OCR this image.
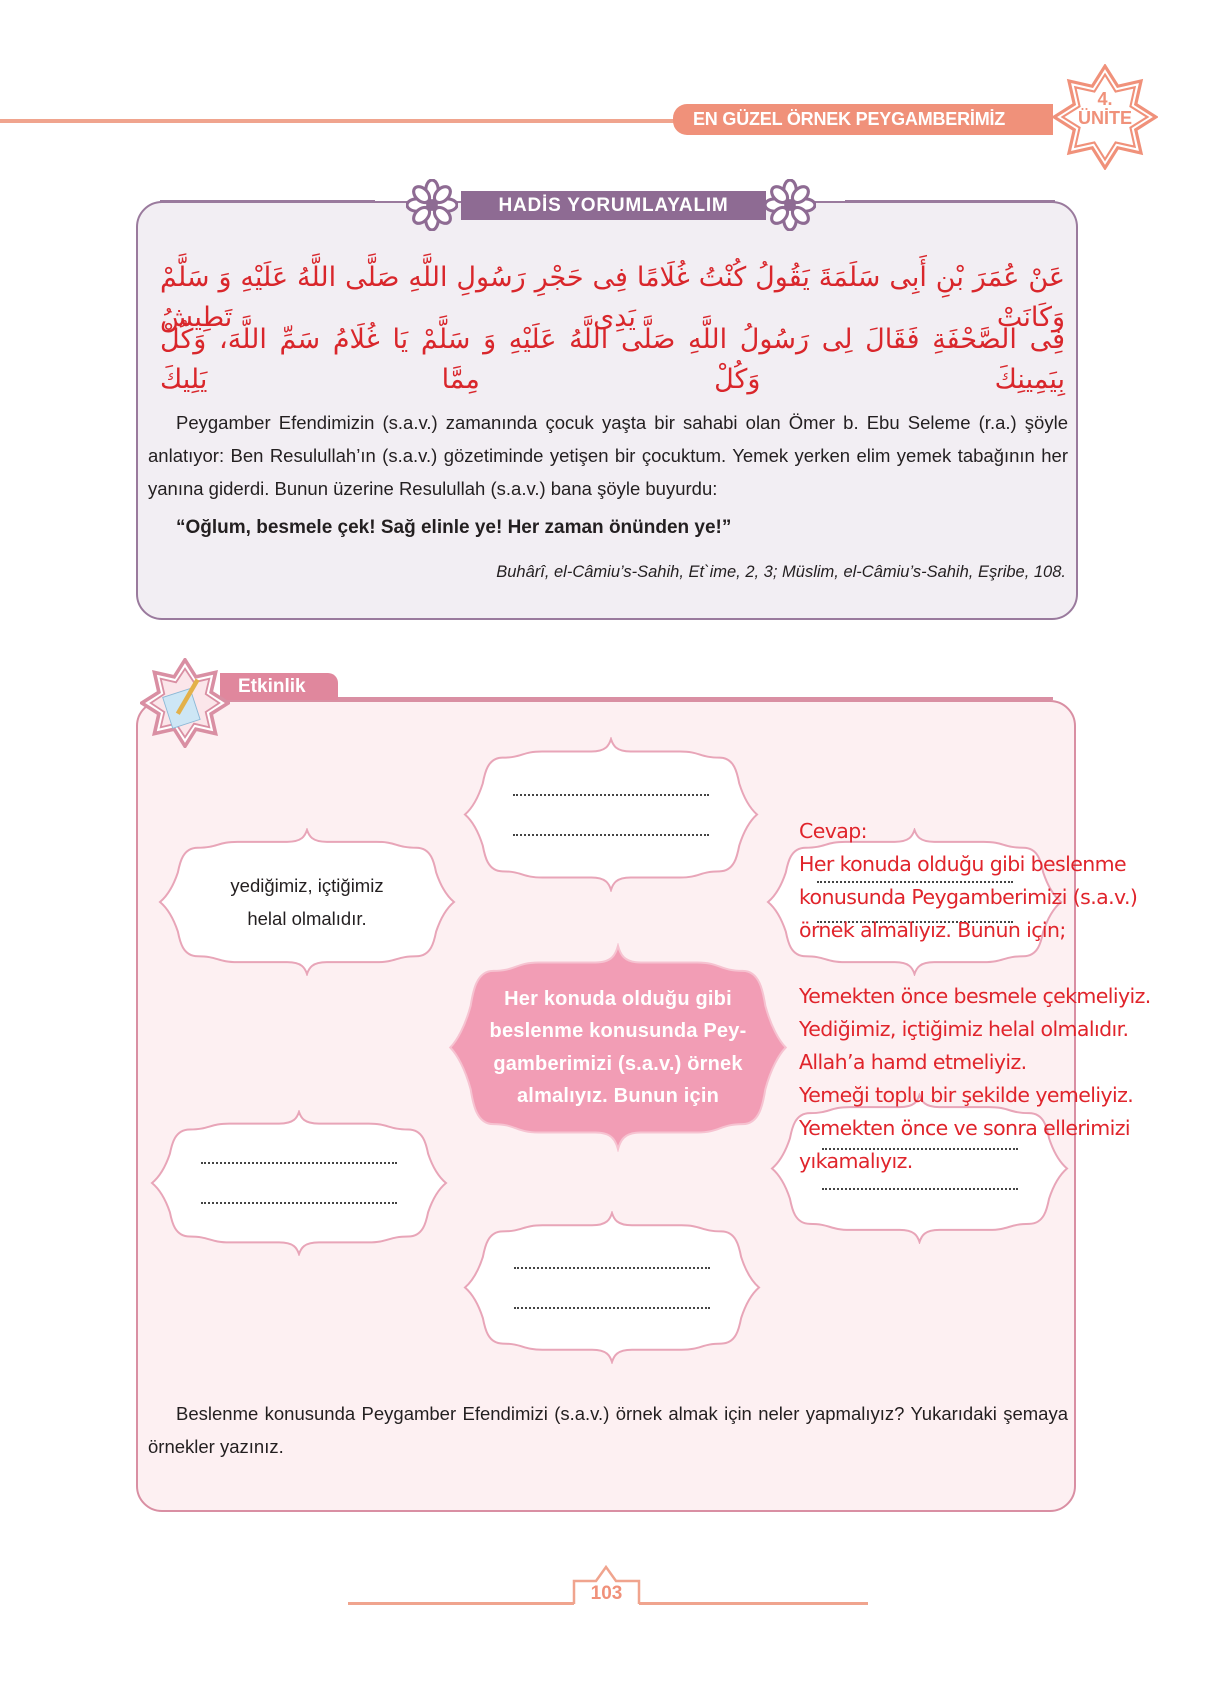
EN GÜZEL ÖRNEK PEYGAMBERİMİZ
4.
ÜNİTE
HADİS YORUMLAYALIM
عَنْ عُمَرَ بْنِ أَبِى سَلَمَةَ يَقُولُ كُنْتُ غُلَامًا فِى حَجْرِ رَسُولِ اللَّهِ صَلَّى اللَّهُ عَلَيْهِ وَ سَلَّمْ وَكَانَتْ يَدِى تَطِيشُ
فِى الصَّحْفَةِ فَقَالَ لِى رَسُولُ اللَّهِ صَلَّى اللَّهُ عَلَيْهِ وَ سَلَّمْ يَا غُلَامُ سَمِّ اللَّهَ، وَكُلْ بِيَمِينِكَ وَكُلْ مِمَّا يَلِيكَ
Peygamber Efendimizin (s.a.v.) zamanında çocuk yaşta bir sahabi olan Ömer b. Ebu Seleme (r.a.) şöyle anlatıyor: Ben Resulullah’ın (s.a.v.) gözetiminde yetişen bir çocuktum. Yemek yerken elim yemek tabağının her yanına giderdi. Bunun üzerine Resulullah (s.a.v.) bana şöyle buyurdu:
“Oğlum, besmele çek! Sağ elinle ye! Her zaman önünden ye!”
Buhârî, el-Câmiu’s-Sahih, Et`ime, 2, 3; Müslim, el-Câmiu’s-Sahih, Eşribe, 108.
Etkinlik
yediğimiz, içtiğimiz
helal olmalıdır.
Her konuda olduğu gibi
beslenme konusunda Pey-
gamberimizi (s.a.v.) örnek
almalıyız. Bunun için
Cevap:
Her konuda olduğu gibi beslenme
konusunda Peygamberimizi (s.a.v.)
örnek almalıyız. Bunun için;
Yemekten önce besmele çekmeliyiz.
Yediğimiz, içtiğimiz helal olmalıdır.
Allah’a hamd etmeliyiz.
Yemeği toplu bir şekilde yemeliyiz.
Yemekten önce ve sonra ellerimizi
yıkamalıyız.
Beslenme konusunda Peygamber Efendimizi (s.a.v.) örnek almak için neler yapmalıyız? Yukarıdaki şemaya örnekler yazınız.
103
